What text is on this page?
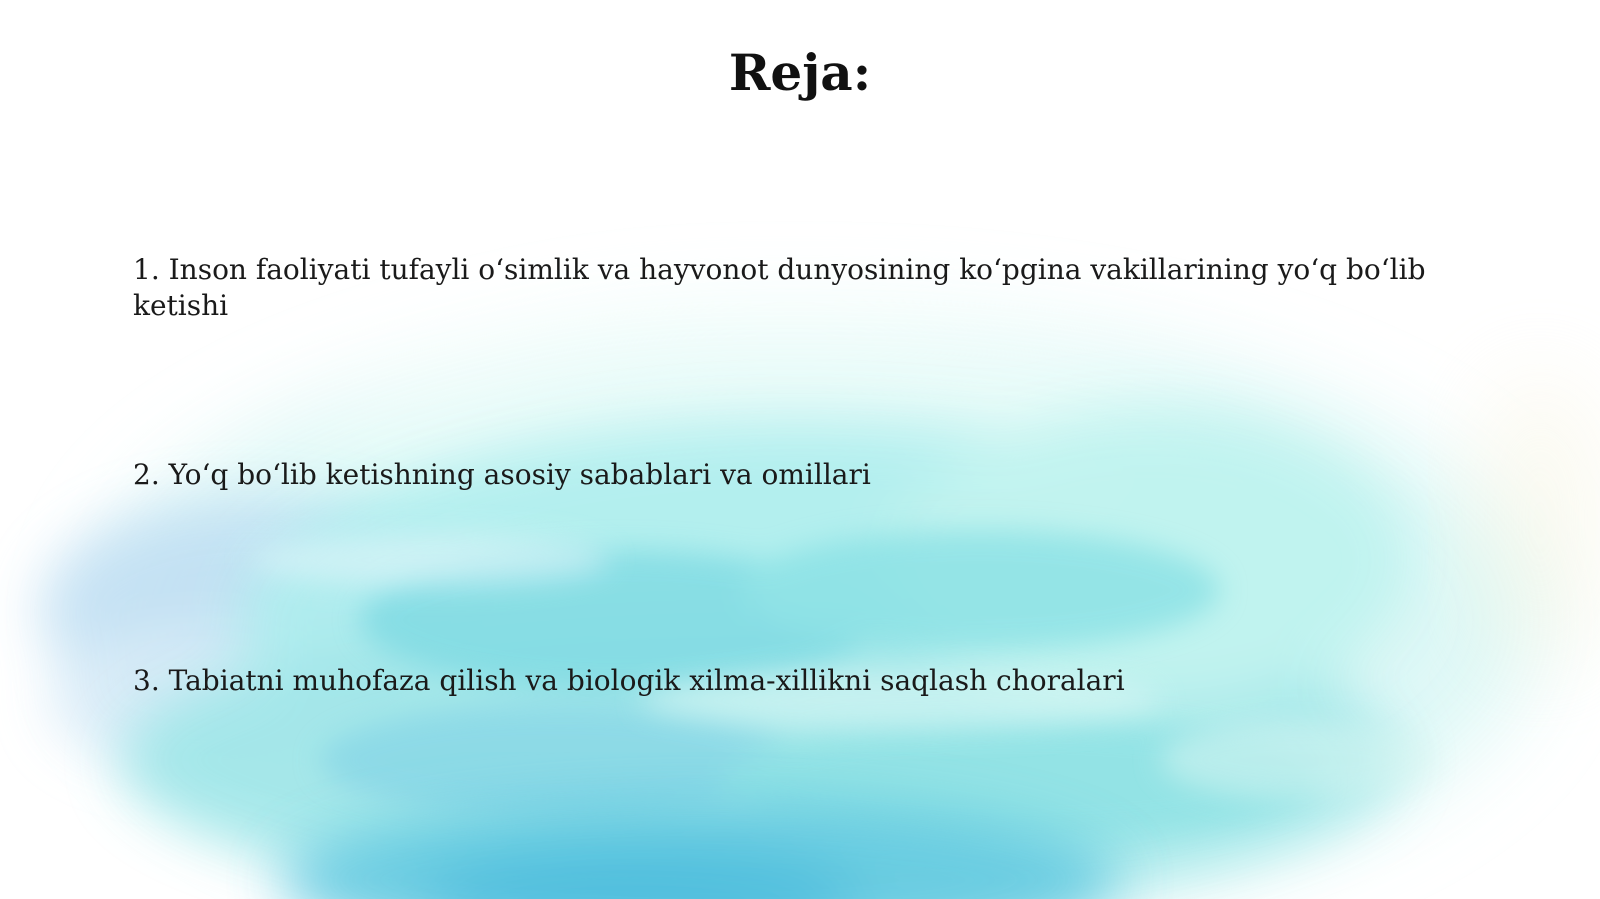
Reja:

1. Inson faoliyati tufayli o‘simlik va hayvonot dunyosining ko‘pgina vakillarining yo‘q bo‘lib ketishi

2. Yo‘q bo‘lib ketishning asosiy sabablari va omillari

3. Tabiatni muhofaza qilish va biologik xilma-xillikni saqlash choralari
